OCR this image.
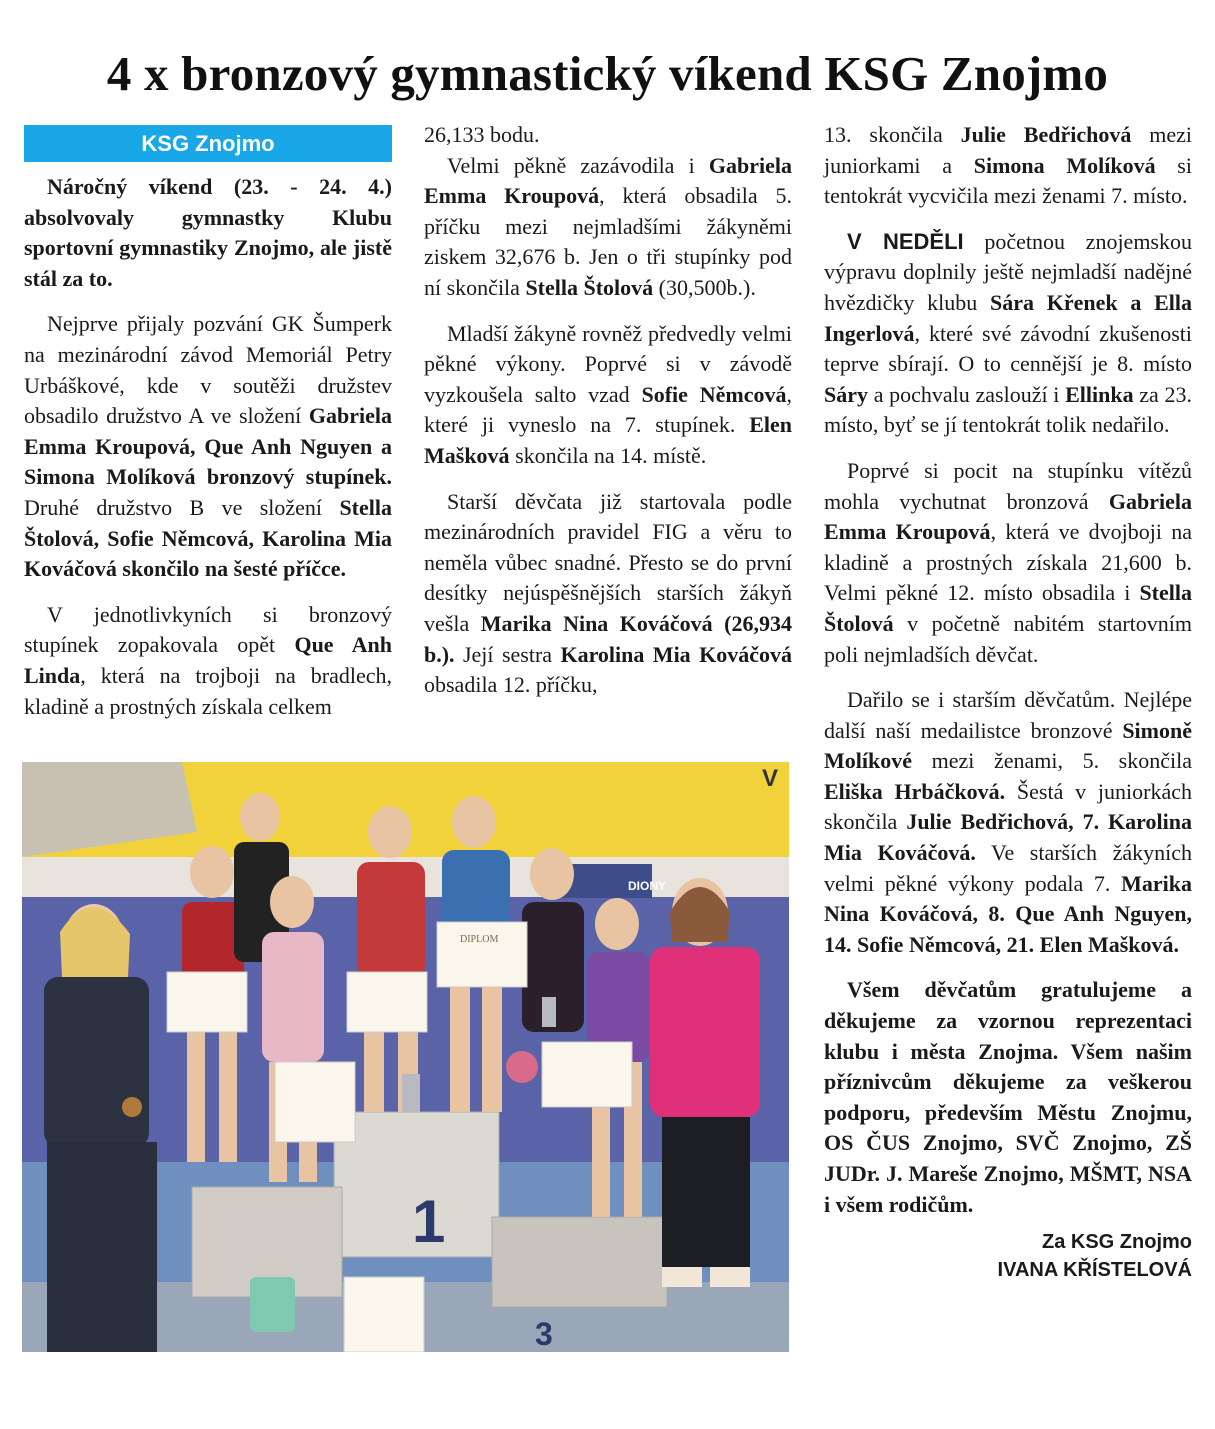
4 x bronzový gymnastický víkend KSG Znojmo
KSG Znojmo

Náročný víkend (23. - 24. 4.) absolvovaly gymnastky Klubu sportovní gymnastiky Znojmo, ale jistě stál za to.

Nejprve přijaly pozvání GK Šumperk na mezinárodní závod Memoriál Petry Urbáškové, kde v soutěži družstev obsadilo družstvo A ve složení Gabriela Emma Kroupová, Que Anh Nguyen a Simona Molíková bronzový stupínek. Druhé družstvo B ve složení Stella Štolová, Sofie Němcová, Karolina Mia Kováčová skončilo na šesté příčce.

V jednotlivkyních si bronzový stupínek zopakovala opět Que Anh Linda, která na trojboji na bradlech, kladině a prostných získala celkem

26,133 bodu.

Velmi pěkně zazávodila i Gabriela Emma Kroupová, která obsadila 5. příčku mezi nejmladšími žákyněmi ziskem 32,676 b. Jen o tři stupínky pod ní skončila Stella Štolová (30,500b.).

Mladší žákyně rovněž předvedly velmi pěkné výkony. Poprvé si v závodě vyzkoušela salto vzad Sofie Němcová, které ji vyneslo na 7. stupínek. Elen Mašková skončila na 14. místě.

Starší děvčata již startovala podle mezinárodních pravidel FIG a věru to neměla vůbec snadné. Přesto se do první desítky nejúspěšnějších starších žákyň vešla Marika Nina Kováčová (26,934 b.). Její sestra Karolina Mia Kováčová obsadila 12. příčku,

13. skončila Julie Bedřichová mezi juniorkami a Simona Molíková si tentokrát vycvičila mezi ženami 7. místo.

V NEDĚLI početnou znojemskou výpravu doplnily ještě nejmladší nadějné hvězdičky klubu Sára Křenek a Ella Ingerlová, které své závodní zkušenosti teprve sbírají. O to cennější je 8. místo Sáry a pochvalu zaslouží i Ellinka za 23. místo, byť se jí tentokrát tolik nedařilo.

Poprvé si pocit na stupínku vítězů mohla vychutnat bronzová Gabriela Emma Kroupová, která ve dvojboji na kladině a prostných získala 21,600 b. Velmi pěkné 12. místo obsadila i Stella Štolová v početně nabitém startovním poli nejmladších děvčat.

Dařilo se i starším děvčatům. Nejlépe další naší medailistce bronzové Simoně Molíkové mezi ženami, 5. skončila Eliška Hrbáčková. Šestá v juniorkách skončila Julie Bedřichová, 7. Karolina Mia Kováčová. Ve starších žákyních velmi pěkné výkony podala 7. Marika Nina Kováčová, 8. Que Anh Nguyen, 14. Sofie Němcová, 21. Elen Mašková.

Všem děvčatům gratulujeme a děkujeme za vzornou reprezentaci klubu i města Znojma. Všem našim příznivcům děkujeme za veškerou podporu, především Městu Znojmu, OS ČUS Znojmo, SVČ Znojmo, ZŠ JUDr. J. Mareše Znojmo, MŠMT, NSA i všem rodičům.

Za KSG Znojmo
IVANA KŘÍSTELOVÁ
DIONY
V
1
3
DIPLOM
